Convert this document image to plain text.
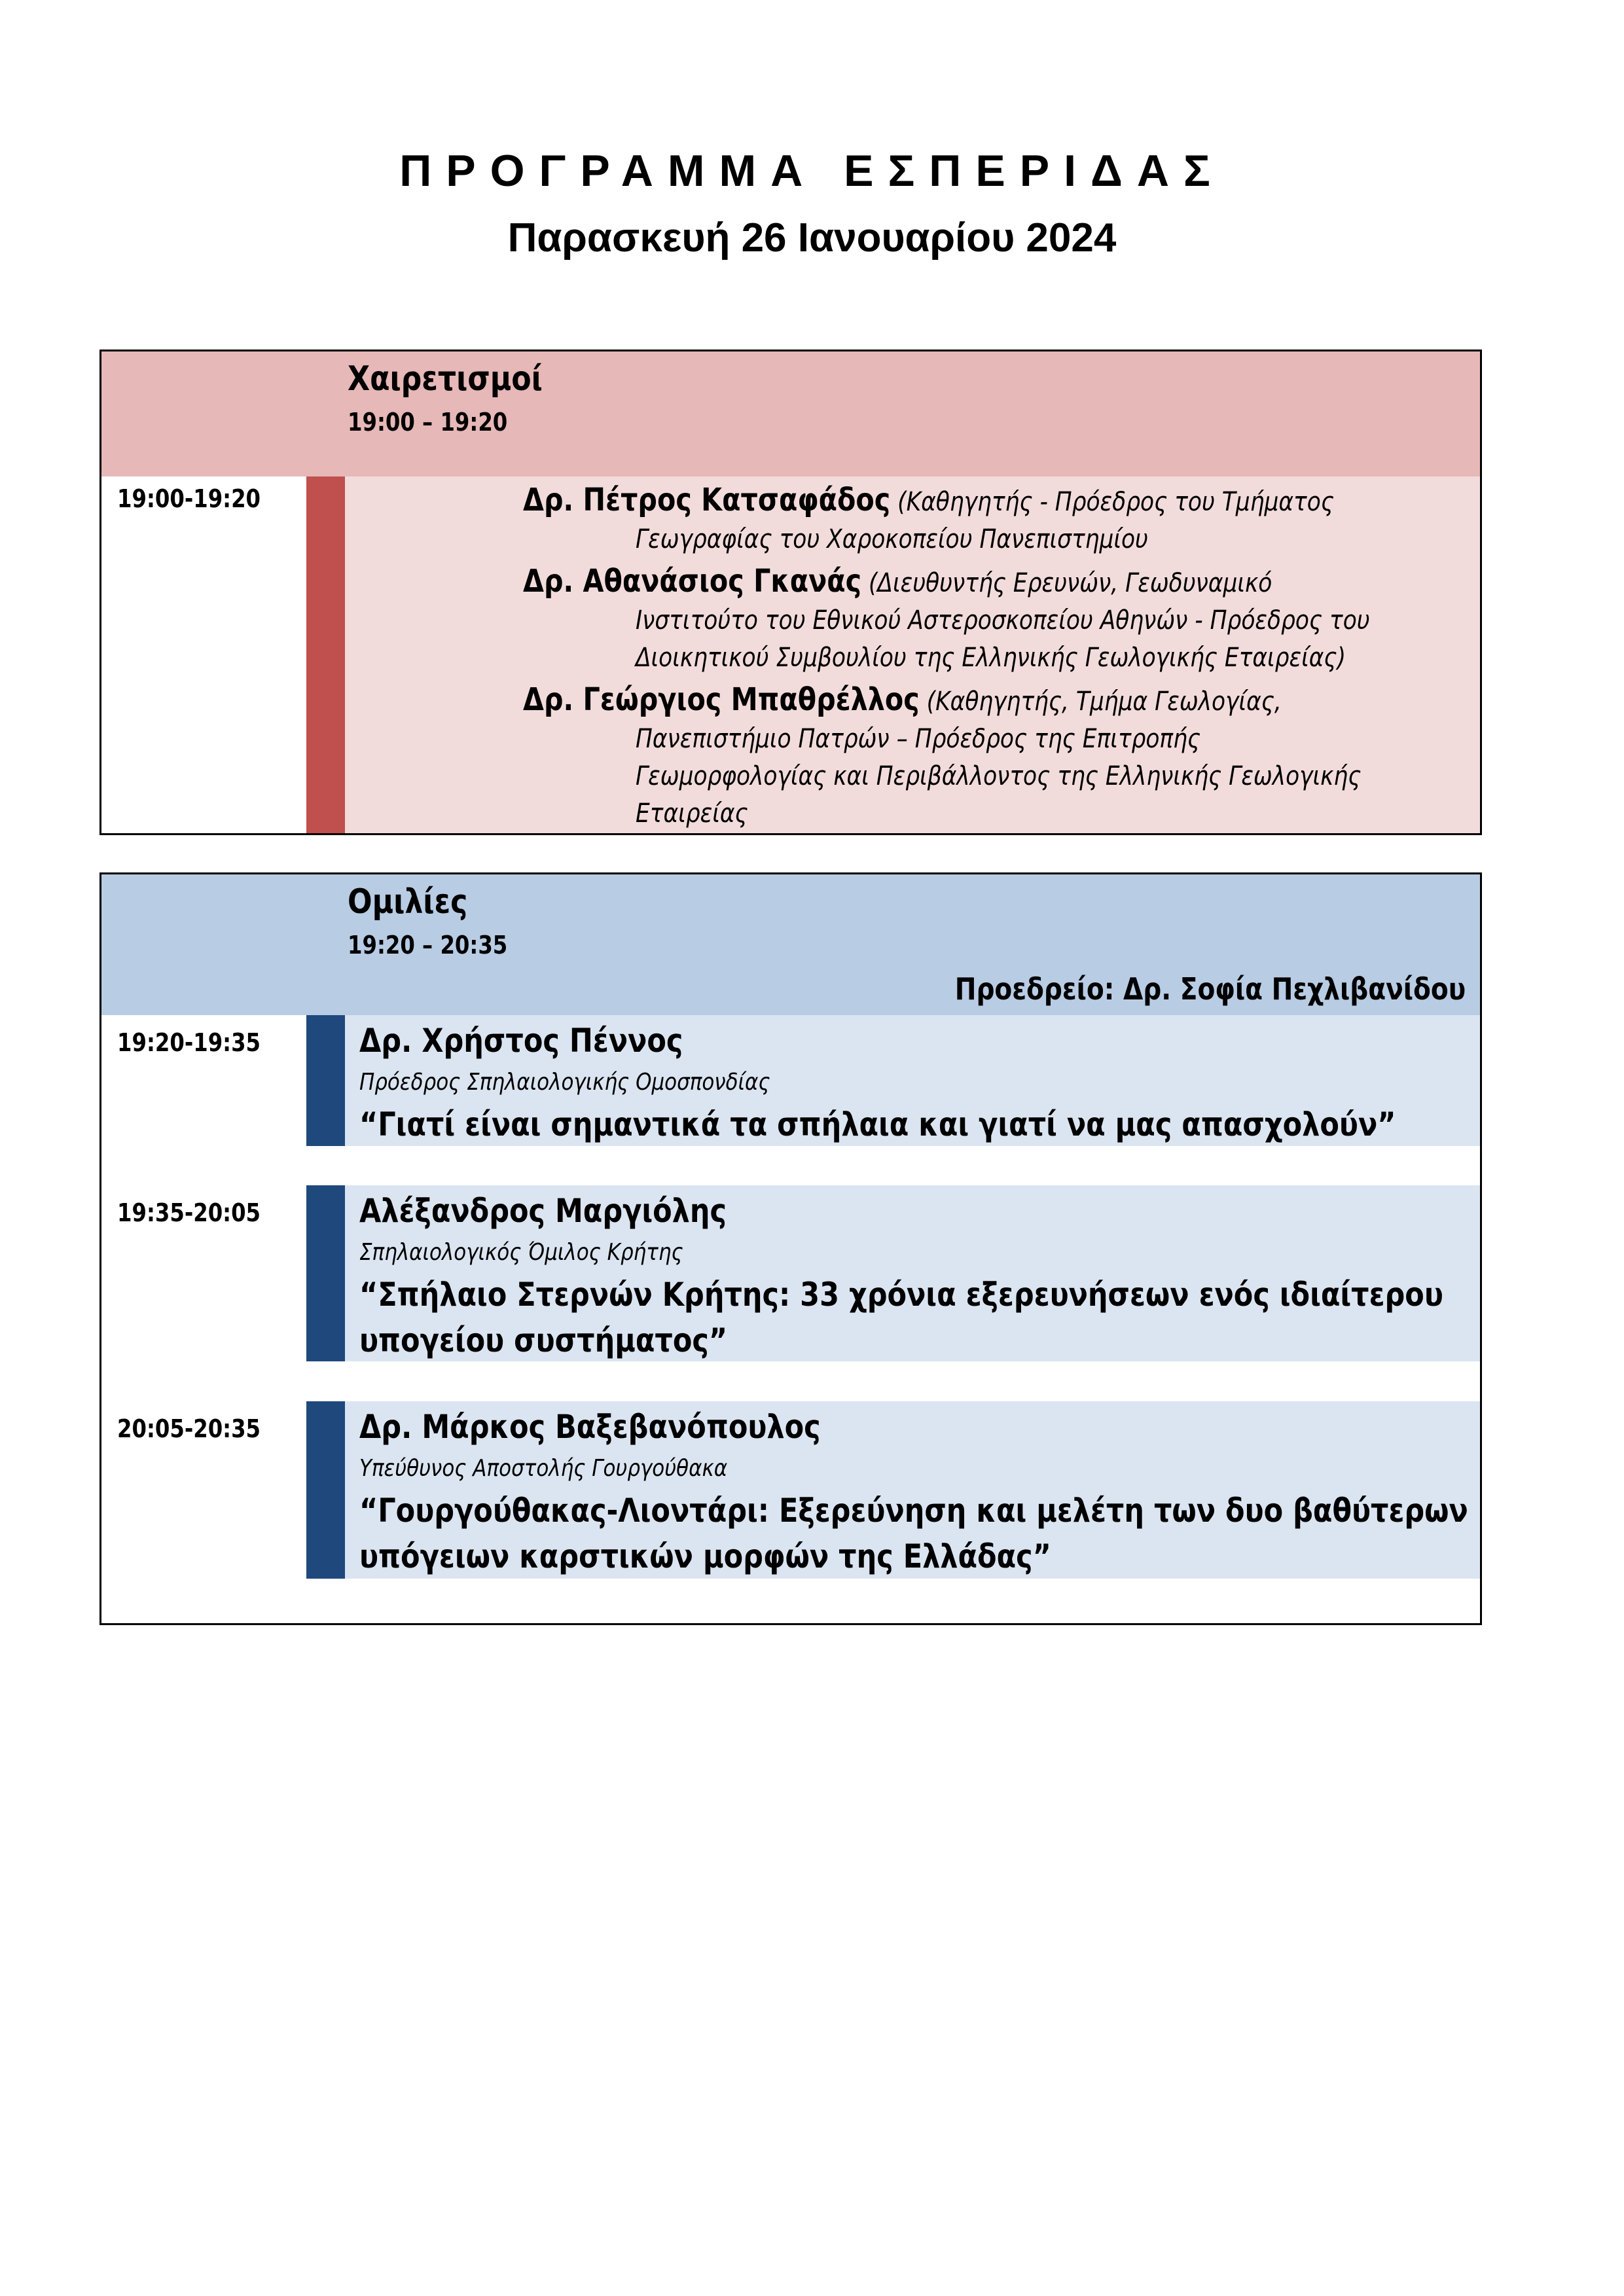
ΠΡΟΓΡΑΜΜΑ ΕΣΠΕΡΙΔΑΣ
Παρασκευή 26 Ιανουαρίου 2024
Χαιρετισμοί
19:00 – 19:20
19:00-19:20	Δρ. Πέτρος Κατσαφάδος (Καθηγητής - Πρόεδρος του Τμήματος
Γεωγραφίας του Χαροκοπείου Πανεπιστημίου
Δρ. Αθανάσιος Γκανάς (Διευθυντής Ερευνών, Γεωδυναμικό
Ινστιτούτο του Εθνικού Αστεροσκοπείου Αθηνών - Πρόεδρος του
Διοικητικού Συμβουλίου της Ελληνικής Γεωλογικής Εταιρείας)
Δρ. Γεώργιος Μπαθρέλλος (Καθηγητής, Τμήμα Γεωλογίας,
Πανεπιστήμιο Πατρών – Πρόεδρος της Επιτροπής
Γεωμορφολογίας και Περιβάλλοντος της Ελληνικής Γεωλογικής
Εταιρείας
Ομιλίες
19:20 – 20:35
Προεδρείο: Δρ. Σοφία Πεχλιβανίδου
19:20-19:35	Δρ. Χρήστος Πέννος
Πρόεδρος Σπηλαιολογικής Ομοσπονδίας
“Γιατί είναι σημαντικά τα σπήλαια και γιατί να μας απασχολούν”
19:35-20:05	Αλέξανδρος Μαργιόλης
Σπηλαιολογικός Όμιλος Κρήτης
“Σπήλαιο Στερνών Κρήτης: 33 χρόνια εξερευνήσεων ενός ιδιαίτερου υπογείου συστήματος”
20:05-20:35	Δρ. Μάρκος Βαξεβανόπουλος
Υπεύθυνος Αποστολής Γουργούθακα
“Γουργούθακας-Λιοντάρι: Εξερεύνηση και μελέτη των δυο βαθύτερων υπόγειων καρστικών μορφών της Ελλάδας”
